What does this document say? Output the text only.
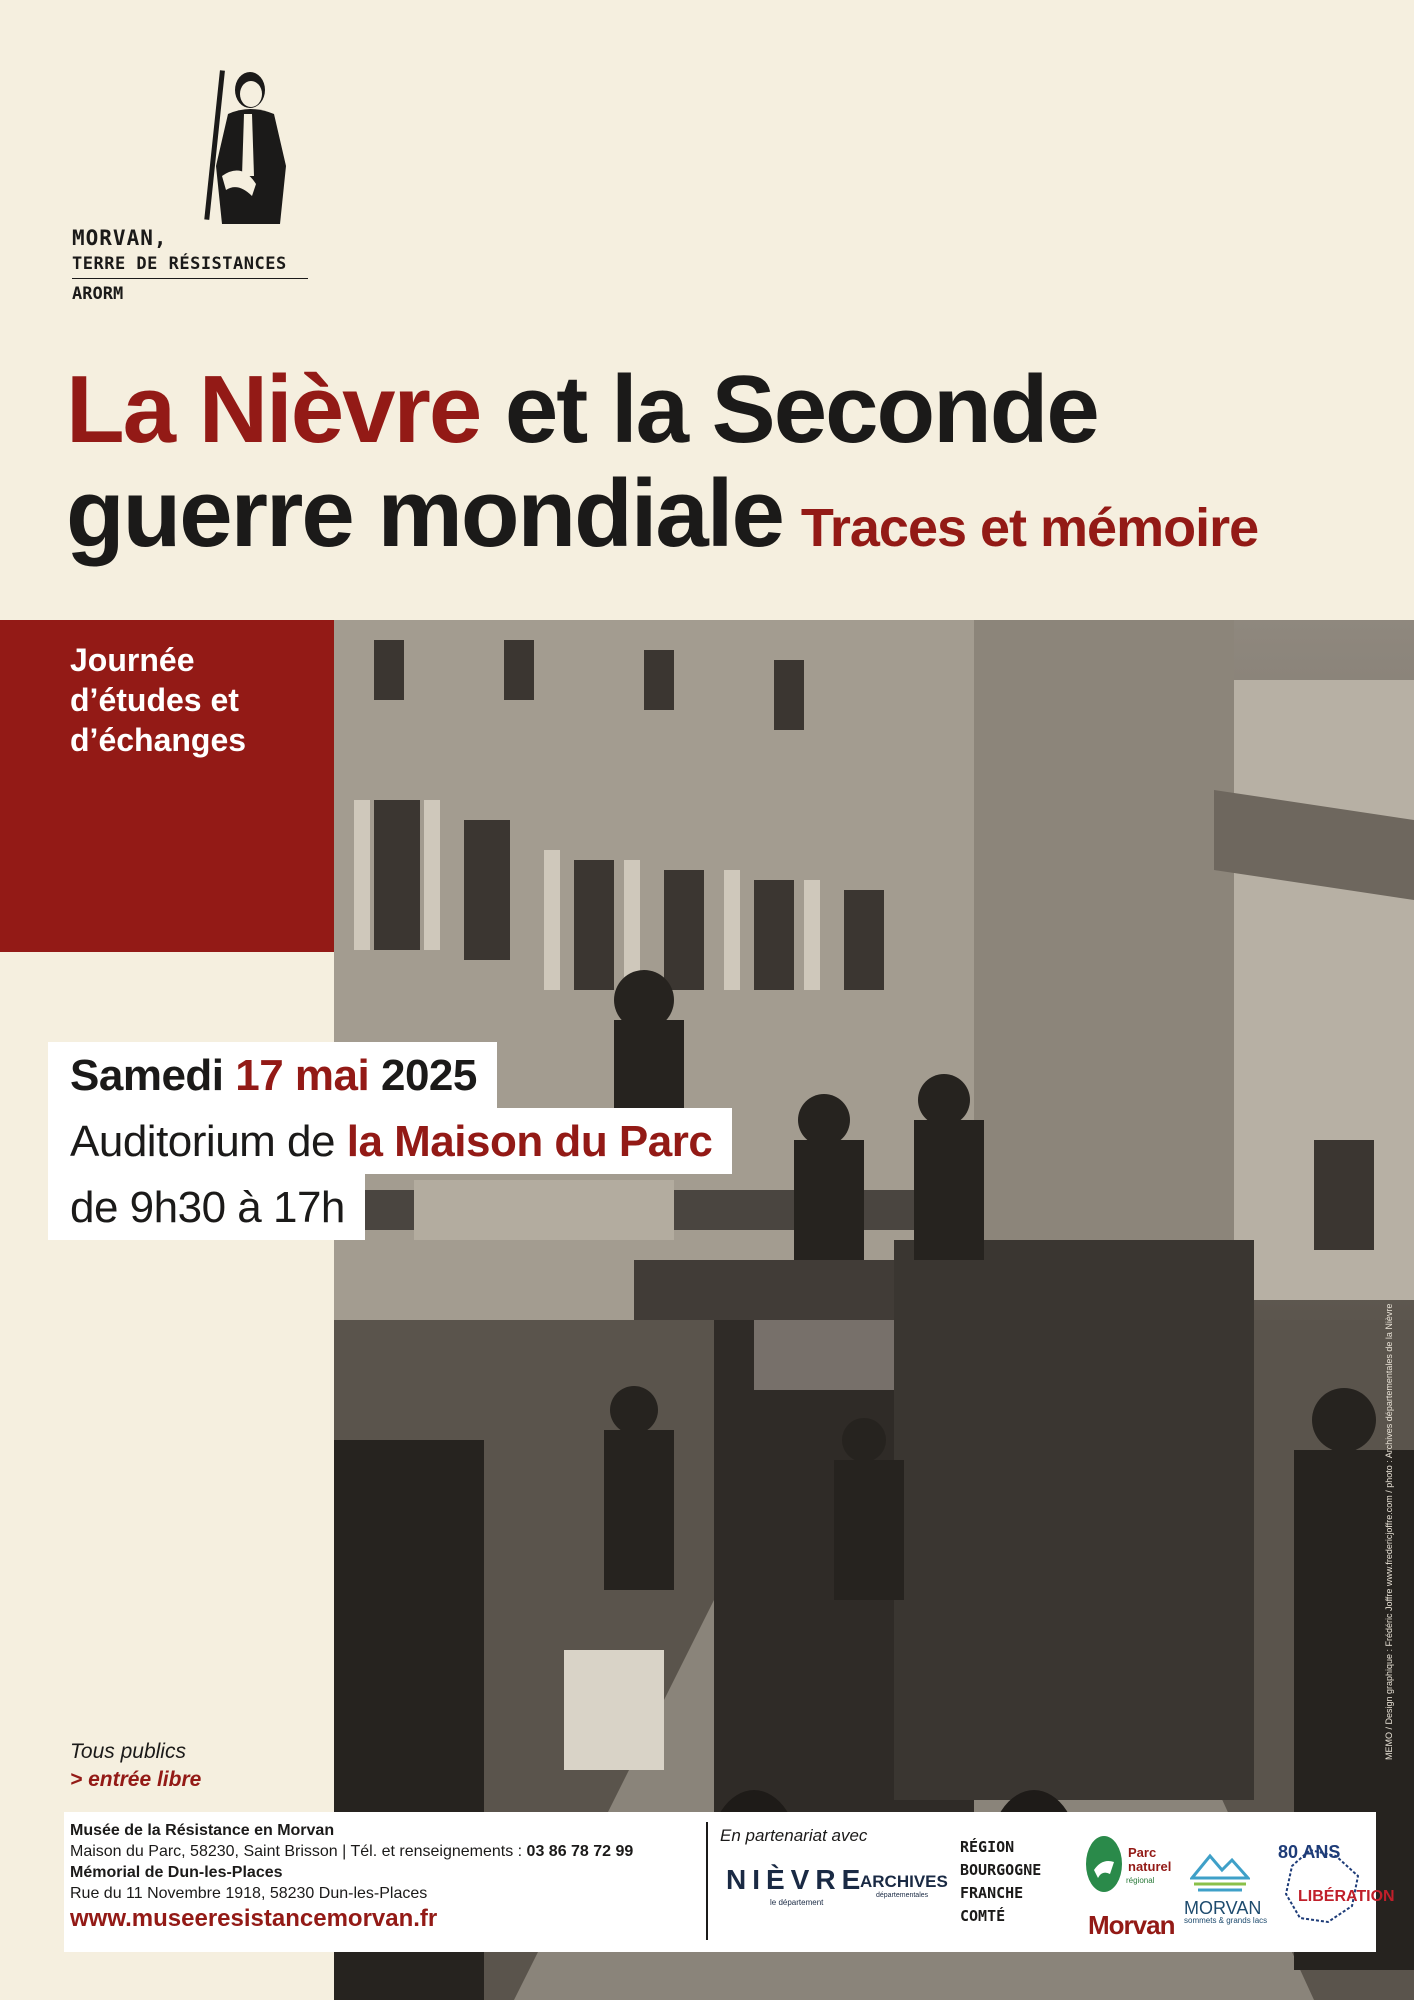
MORVAN,
TERRE DE RÉSISTANCES
ARORM
La Nièvre et la Seconde
guerre mondiale Traces et mémoire
Journée
d’études et
d’échanges
Samedi 17 mai 2025
Auditorium de la Maison du Parc
de 9h30 à 17h
Tous publics
> entrée libre
MEMO / Design graphique : Frédéric Joffre www.fredericjoffre.com / photo : Archives départementales de la Nièvre
Musée de la Résistance en Morvan
Maison du Parc, 58230, Saint Brisson | Tél. et renseignements : 03 86 78 72 99
Mémorial de Dun-les-Places
Rue du 11 Novembre 1918, 58230 Dun-les-Places
www.museeresistancemorvan.fr
En partenariat avec
NIÈVRE
le département
ARCHIVES
départementales
RÉGION
BOURGOGNE
FRANCHE
COMTÉ
Parc
naturel
régional
Morvan
MORVAN
sommets & grands lacs
80 ANS
LIBÉRATION
